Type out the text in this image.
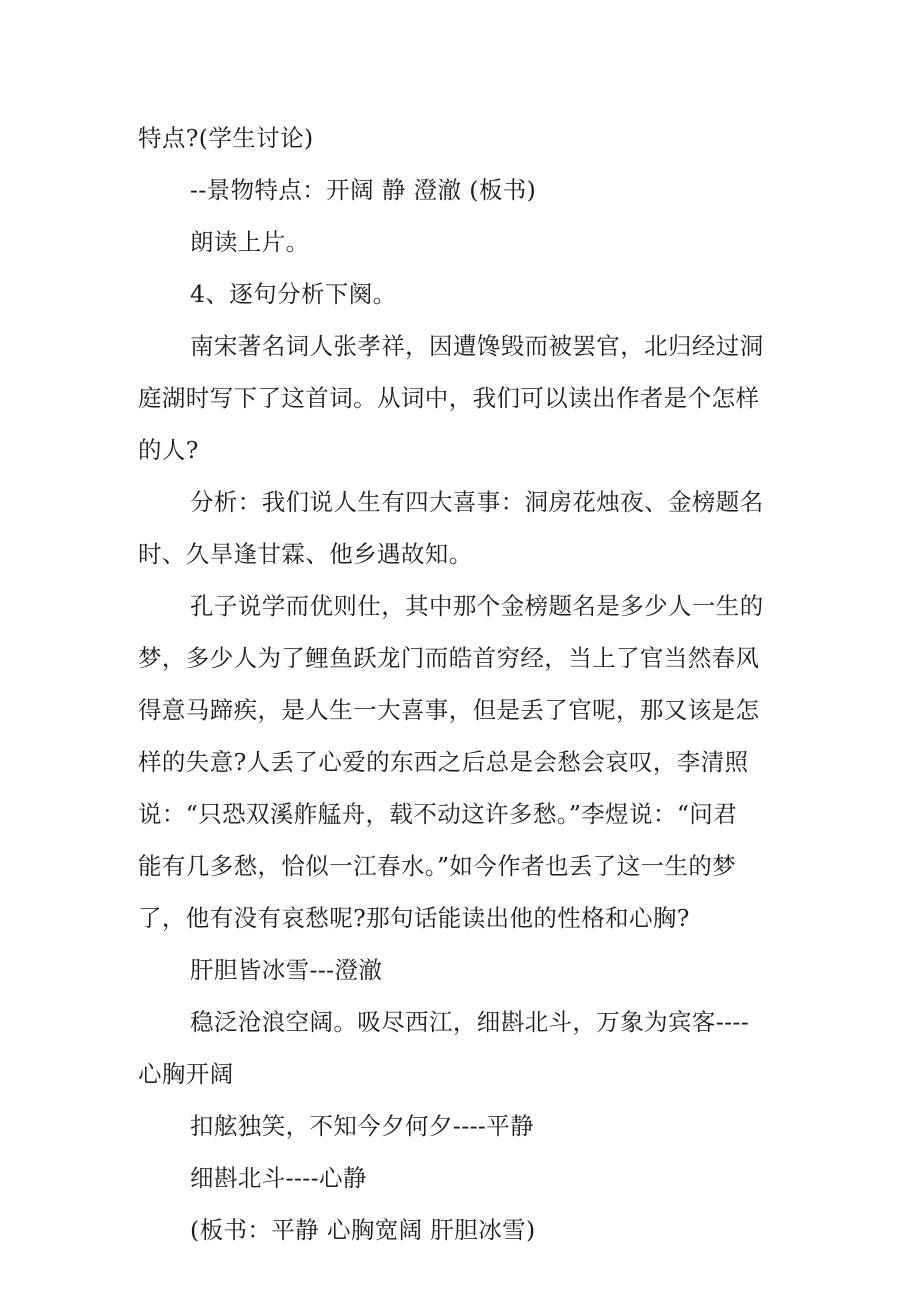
特点?(学生讨论)
--景物特点：开阔 静 澄澈 (板书)
朗读上片。
4、逐句分析下阕。
南宋著名词人张孝祥，因遭馋毁而被罢官，北归经过洞
庭湖时写下了这首词。从词中，我们可以读出作者是个怎样
的人?
分析：我们说人生有四大喜事：洞房花烛夜、金榜题名
时、久旱逢甘霖、他乡遇故知。
孔子说学而优则仕，其中那个金榜题名是多少人一生的
梦，多少人为了鲤鱼跃龙门而皓首穷经，当上了官当然春风
得意马蹄疾，是人生一大喜事，但是丢了官呢，那又该是怎
样的失意?人丢了心爱的东西之后总是会愁会哀叹，李清照
说：“只恐双溪舴艋舟，载不动这许多愁。”李煜说：“问君
能有几多愁，恰似一江春水。”如今作者也丢了这一生的梦
了，他有没有哀愁呢?那句话能读出他的性格和心胸?
肝胆皆冰雪---澄澈
稳泛沧浪空阔。吸尽西江，细斟北斗，万象为宾客----
心胸开阔
扣舷独笑，不知今夕何夕----平静
细斟北斗----心静
(板书：平静 心胸宽阔 肝胆冰雪)
